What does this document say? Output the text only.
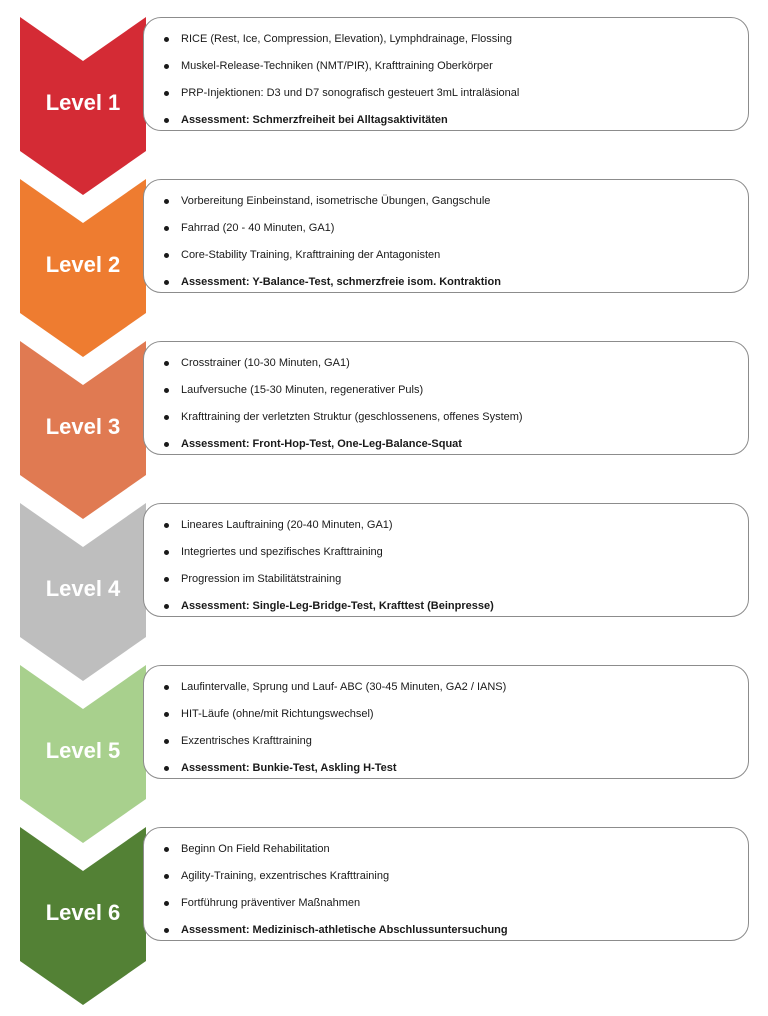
Level 1
RICE (Rest, Ice, Compression, Elevation), Lymphdrainage, Flossing
Muskel-Release-Techniken (NMT/PIR), Krafttraining Oberkörper
PRP-Injektionen: D3 und D7 sonografisch gesteuert 3mL intraläsional
Assessment: Schmerzfreiheit bei Alltagsaktivitäten
Level 2
Vorbereitung Einbeinstand, isometrische Übungen, Gangschule
Fahrrad (20 - 40 Minuten, GA1)
Core-Stability Training, Krafttraining der Antagonisten
Assessment: Y-Balance-Test, schmerzfreie isom. Kontraktion
Level 3
Crosstrainer (10-30 Minuten, GA1)
Laufversuche (15-30 Minuten, regenerativer Puls)
Krafttraining der verletzten Struktur (geschlossenens, offenes System)
Assessment: Front-Hop-Test, One-Leg-Balance-Squat
Level 4
Lineares Lauftraining (20-40 Minuten, GA1)
Integriertes und spezifisches Krafttraining
Progression im Stabilitätstraining
Assessment: Single-Leg-Bridge-Test, Krafttest (Beinpresse)
Level 5
Laufintervalle, Sprung und Lauf- ABC (30-45 Minuten, GA2 / IANS)
HIT-Läufe (ohne/mit Richtungswechsel)
Exzentrisches Krafttraining
Assessment: Bunkie-Test, Askling H-Test
Level 6
Beginn On Field Rehabilitation
Agility-Training, exzentrisches Krafttraining
Fortführung präventiver Maßnahmen
Assessment: Medizinisch-athletische Abschlussuntersuchung
